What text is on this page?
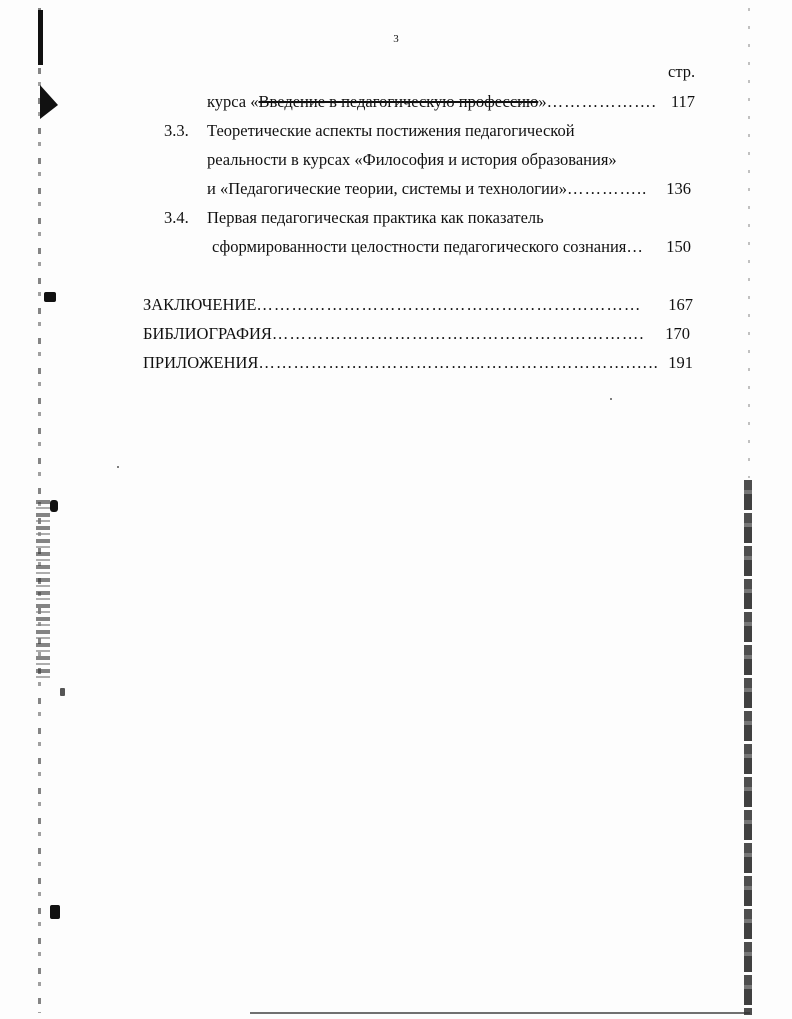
3
стр.
курса « Введение в педагогическую профессию » ………………. 117
3.3. Теоретические аспекты постижения педагогической
реальности в курсах «Философия и история образования»
и «Педагогические теории, системы и технологии» …………..	136
3.4. Первая педагогическая практика как показатель
сформированности целостности педагогического сознания …	150
ЗАКЛЮЧЕНИЕ …………………………………………………………	167
БИБЛИОГРАФИЯ ……………………………………………………….	170
ПРИЛОЖЕНИЯ ……………………………………………………….….. 191
